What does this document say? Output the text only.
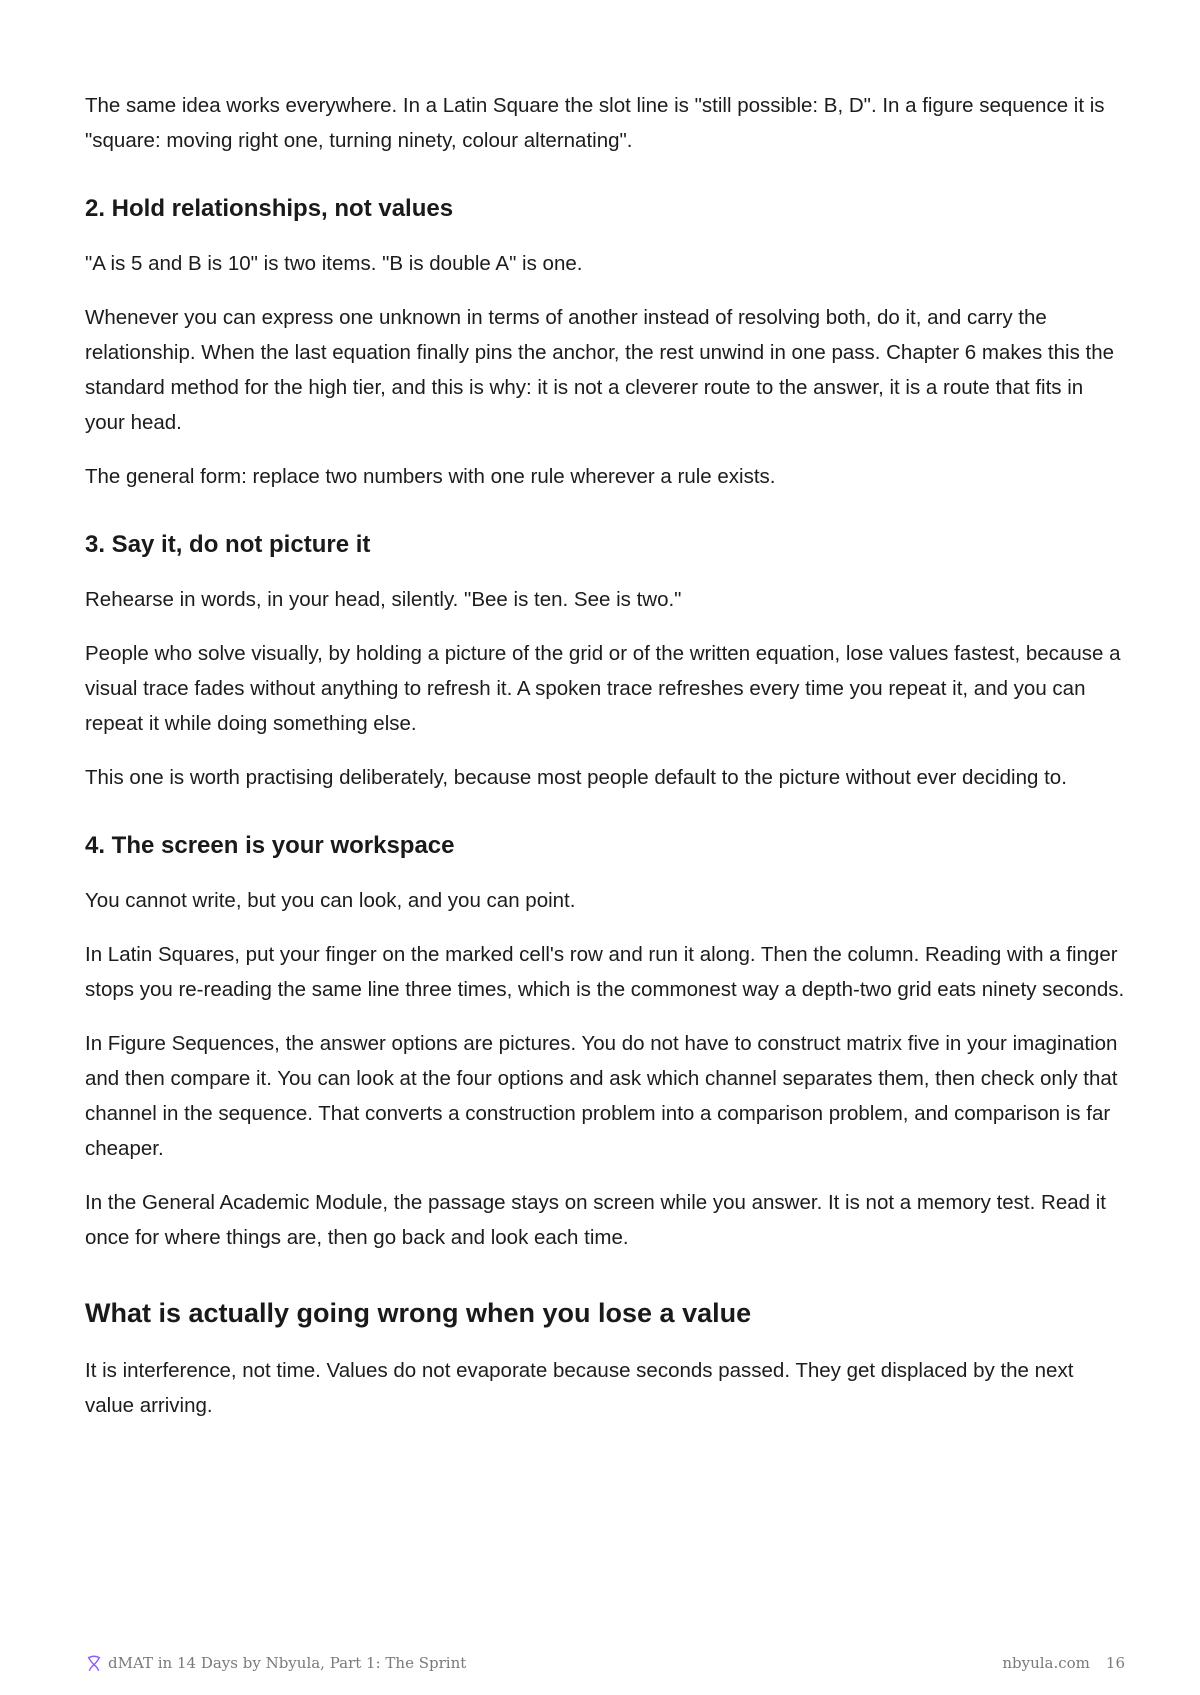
The same idea works everywhere. In a Latin Square the slot line is "still possible: B, D". In a figure sequence it is "square: moving right one, turning ninety, colour alternating".

2. Hold relationships, not values

"A is 5 and B is 10" is two items. "B is double A" is one.

Whenever you can express one unknown in terms of another instead of resolving both, do it, and carry the relationship. When the last equation finally pins the anchor, the rest unwind in one pass. Chapter 6 makes this the standard method for the high tier, and this is why: it is not a cleverer route to the answer, it is a route that fits in your head.

The general form: replace two numbers with one rule wherever a rule exists.

3. Say it, do not picture it

Rehearse in words, in your head, silently. "Bee is ten. See is two."

People who solve visually, by holding a picture of the grid or of the written equation, lose values fastest, because a visual trace fades without anything to refresh it. A spoken trace refreshes every time you repeat it, and you can repeat it while doing something else.

This one is worth practising deliberately, because most people default to the picture without ever deciding to.

4. The screen is your workspace

You cannot write, but you can look, and you can point.

In Latin Squares, put your finger on the marked cell's row and run it along. Then the column. Reading with a finger stops you re-reading the same line three times, which is the commonest way a depth-two grid eats ninety seconds.

In Figure Sequences, the answer options are pictures. You do not have to construct matrix five in your imagination and then compare it. You can look at the four options and ask which channel separates them, then check only that channel in the sequence. That converts a construction problem into a comparison problem, and comparison is far cheaper.

In the General Academic Module, the passage stays on screen while you answer. It is not a memory test. Read it once for where things are, then go back and look each time.

What is actually going wrong when you lose a value

It is interference, not time. Values do not evaporate because seconds passed. They get displaced by the next value arriving.

dMAT in 14 Days by Nbyula, Part 1: The Sprint	nbyula.com 16
